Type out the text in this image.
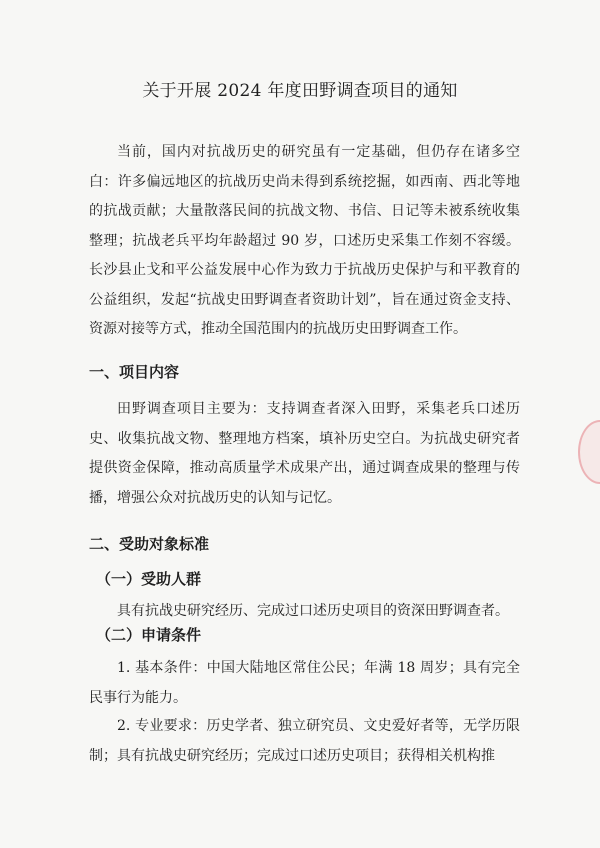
关于开展 2024 年度田野调查项目的通知

当前，国内对抗战历史的研究虽有一定基础，但仍存在诸多空白：许多偏远地区的抗战历史尚未得到系统挖掘，如西南、西北等地的抗战贡献；大量散落民间的抗战文物、书信、日记等未被系统收集整理；抗战老兵平均年龄超过 90 岁，口述历史采集工作刻不容缓。长沙县止戈和平公益发展中心作为致力于抗战历史保护与和平教育的公益组织，发起“抗战史田野调查者资助计划”，旨在通过资金支持、资源对接等方式，推动全国范围内的抗战历史田野调查工作。

一、项目内容

田野调查项目主要为：支持调查者深入田野，采集老兵口述历史、收集抗战文物、整理地方档案，填补历史空白。为抗战史研究者提供资金保障，推动高质量学术成果产出，通过调查成果的整理与传播，增强公众对抗战历史的认知与记忆。

二、受助对象标准
（一）受助人群
具有抗战史研究经历、完成过口述历史项目的资深田野调查者。
（二）申请条件

1. 基本条件：中国大陆地区常住公民；年满 18 周岁；具有完全民事行为能力。

2. 专业要求：历史学者、独立研究员、文史爱好者等，无学历限制；具有抗战史研究经历；完成过口述历史项目；获得相关机构推
